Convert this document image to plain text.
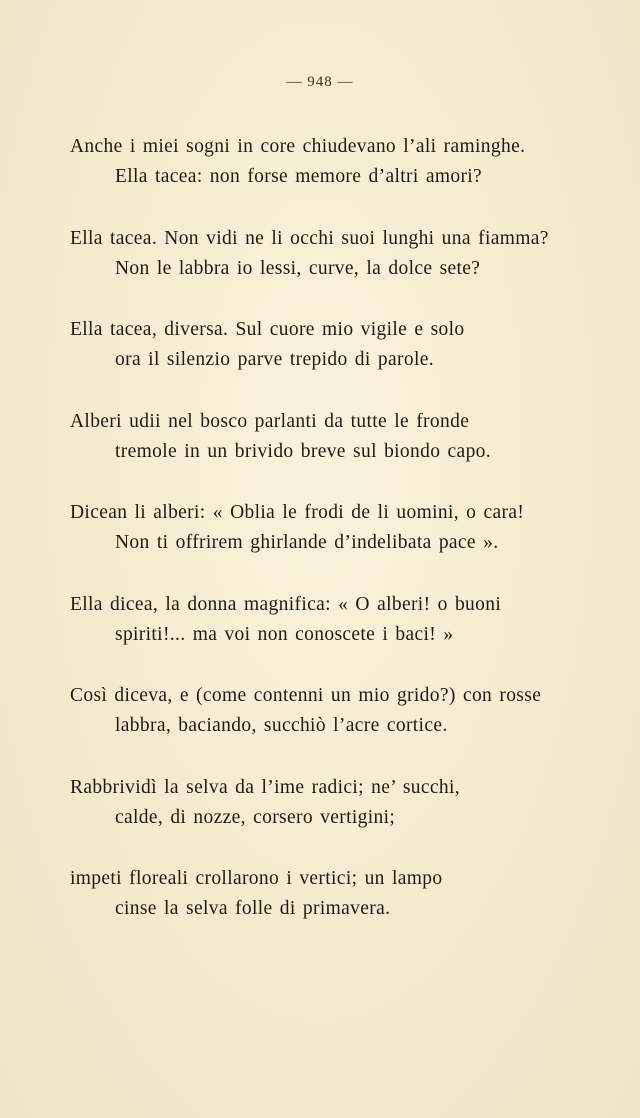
— 948 —
Anche i miei sogni in core chiudevano l’ali raminghe.
Ella tacea: non forse memore d’altri amori?
Ella tacea. Non vidi ne li occhi suoi lunghi una fiamma?
Non le labbra io lessi, curve, la dolce sete?
Ella tacea, diversa. Sul cuore mio vigile e solo
ora il silenzio parve trepido di parole.
Alberi udii nel bosco parlanti da tutte le fronde
tremole in un brivido breve sul biondo capo.
Dicean li alberi: « Oblia le frodi de li uomini, o cara!
Non ti offrirem ghirlande d’indelibata pace ».
Ella dicea, la donna magnifica: « O alberi! o buoni
spiriti!... ma voi non conoscete i baci! »
Così diceva, e (come contenni un mio grido?) con rosse
labbra, baciando, succhiò l’acre cortice.
Rabbrividì la selva da l’ime radici; ne’ succhi,
calde, di nozze, corsero vertigini;
impeti floreali crollarono i vertici; un lampo
cinse la selva folle di primavera.
